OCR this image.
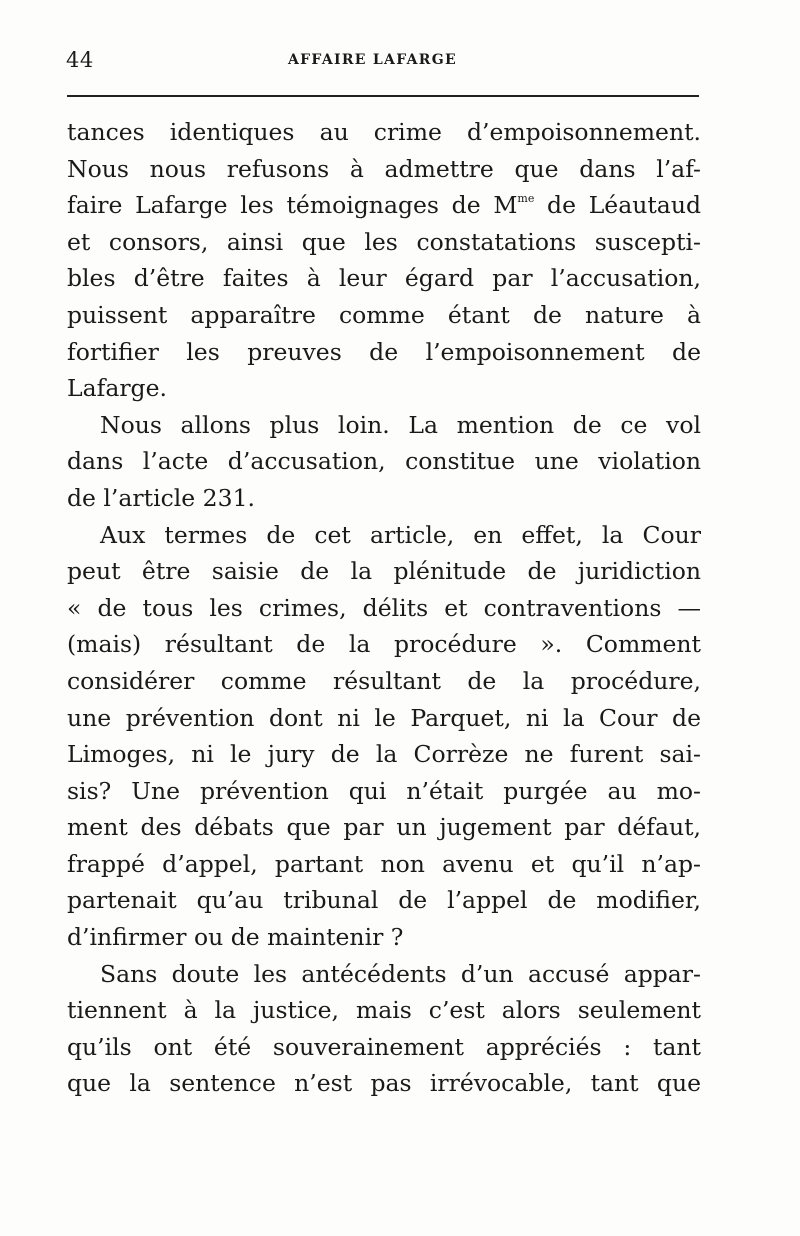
44	AFFAIRE LAFARGE
tances identiques au crime d’empoisonnement.
Nous nous refusons à admettre que dans l’af-
faire Lafarge les témoignages de $M^{me}$ de Léautaud
et consors, ainsi que les constatations suscepti-
bles d’être faites à leur égard par l’accusation,
puissent apparaître comme étant de nature à
fortifier les preuves de l’empoisonnement de
Lafarge.
Nous allons plus loin. La mention de ce vol
dans l’acte d’accusation, constitue une violation
de l’article 231.
Aux termes de cet article, en effet, la Cour
peut être saisie de la plénitude de juridiction
« de tous les crimes, délits et contraventions —
(mais) résultant de la procédure ». Comment
considérer comme résultant de la procédure,
une prévention dont ni le Parquet, ni la Cour de
Limoges, ni le jury de la Corrèze ne furent sai-
sis? Une prévention qui n’était purgée au mo-
ment des débats que par un jugement par défaut,
frappé d’appel, partant non avenu et qu’il n’ap-
partenait qu’au tribunal de l’appel de modifier,
d’infirmer ou de maintenir ?
Sans doute les antécédents d’un accusé appar-
tiennent à la justice, mais c’est alors seulement
qu’ils ont été souverainement appréciés : tant
que la sentence n’est pas irrévocable, tant que
